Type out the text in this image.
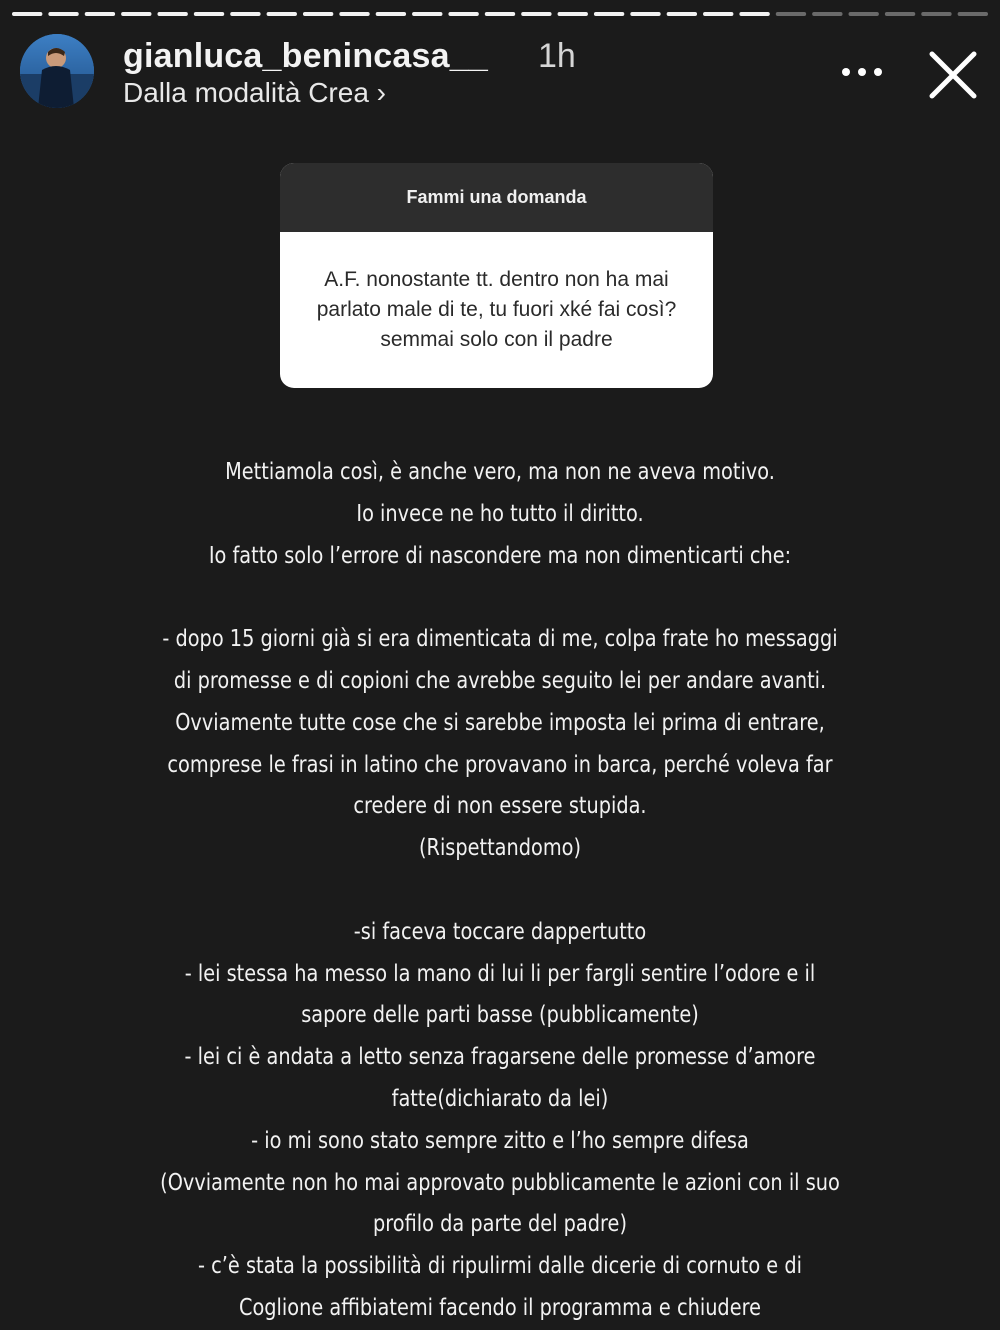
gianluca_benincasa__ 1h
Dalla modalità Crea ›
Fammi una domanda
A.F. nonostante tt. dentro non ha mai parlato male di te, tu fuori xké fai così?semmai solo con il padre
Mettiamola così, è anche vero, ma non ne aveva motivo.
Io invece ne ho tutto il diritto.
Io fatto solo l’errore di nascondere ma non dimenticarti che:
- dopo 15 giorni già si era dimenticata di me, colpa frate ho messaggi
di promesse e di copioni che avrebbe seguito lei per andare avanti.
Ovviamente tutte cose che si sarebbe imposta lei prima di entrare,
comprese le frasi in latino che provavano in barca, perché voleva far
credere di non essere stupida.
(Rispettandomo)
-si faceva toccare dappertutto
- lei stessa ha messo la mano di lui li per fargli sentire l’odore e il
sapore delle parti basse (pubblicamente)
- lei ci è andata a letto senza fragarsene delle promesse d’amore
fatte(dichiarato da lei)
- io mi sono stato sempre zitto e l’ho sempre difesa
(Ovviamente non ho mai approvato pubblicamente le azioni con il suo
profilo da parte del padre)
- c’è stata la possibilità di ripulirmi dalle dicerie di cornuto e di
Coglione affibiatemi facendo il programma e chiudere
